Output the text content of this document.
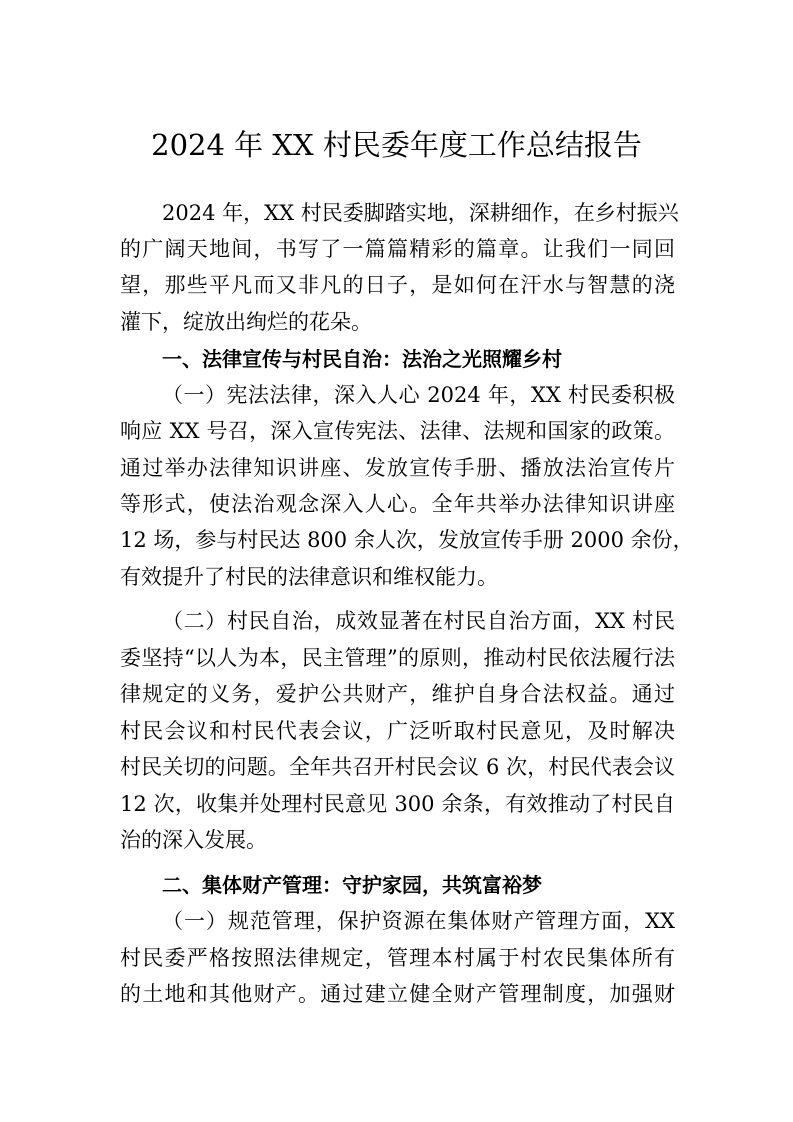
2024 年 XX 村民委年度工作总结报告
2024 年，XX 村民委脚踏实地，深耕细作，在乡村振兴
的广阔天地间，书写了一篇篇精彩的篇章。让我们一同回
望，那些平凡而又非凡的日子，是如何在汗水与智慧的浇
灌下，绽放出绚烂的花朵。
一、法律宣传与村民自治：法治之光照耀乡村
（一）宪法法律，深入人心 2024 年，XX 村民委积极
响应 XX 号召，深入宣传宪法、法律、法规和国家的政策。
通过举办法律知识讲座、发放宣传手册、播放法治宣传片
等形式，使法治观念深入人心。全年共举办法律知识讲座
12 场，参与村民达 800 余人次，发放宣传手册 2000 余份，
有效提升了村民的法律意识和维权能力。
（二）村民自治，成效显著在村民自治方面，XX 村民
委坚持“以人为本，民主管理”的原则，推动村民依法履行法
律规定的义务，爱护公共财产，维护自身合法权益。通过
村民会议和村民代表会议，广泛听取村民意见，及时解决
村民关切的问题。全年共召开村民会议 6 次，村民代表会议
12 次，收集并处理村民意见 300 余条，有效推动了村民自
治的深入发展。
二、集体财产管理：守护家园，共筑富裕梦
（一）规范管理，保护资源在集体财产管理方面，XX
村民委严格按照法律规定，管理本村属于村农民集体所有
的土地和其他财产。通过建立健全财产管理制度，加强财
